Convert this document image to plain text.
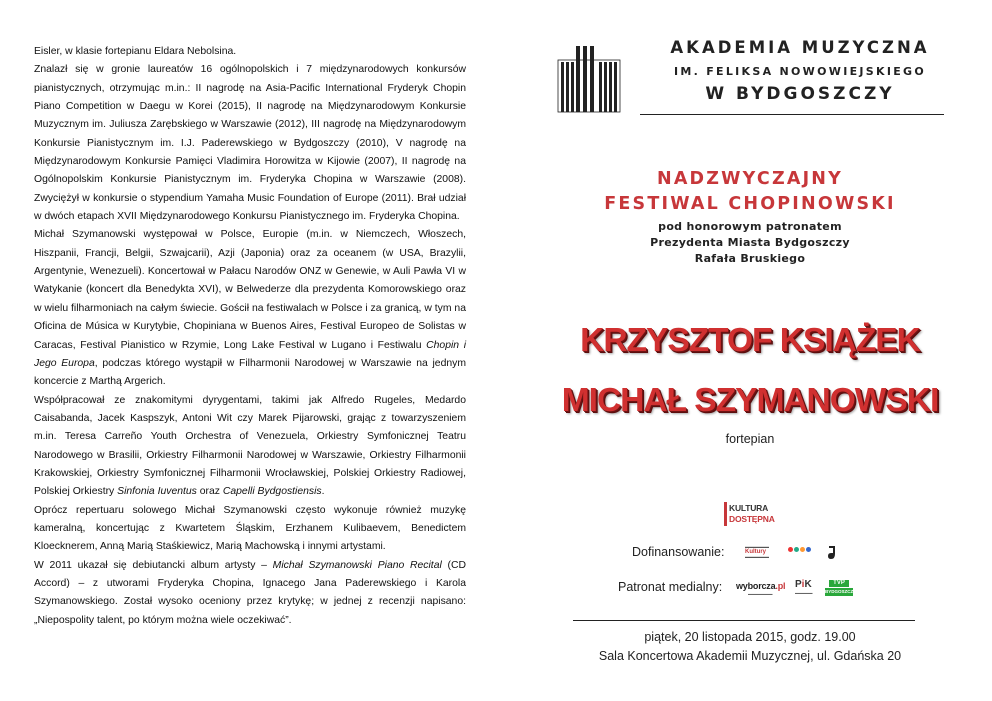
Eisler, w klasie fortepianu Eldara Nebolsina.

Znalazł się w gronie laureatów 16 ogólnopolskich i 7 międzynarodowych konkursów pianistycznych, otrzymując m.in.: II nagrodę na Asia-Pacific International Fryderyk Chopin Piano Competition w Daegu w Korei (2015), II nagrodę na Międzynarodowym Konkursie Muzycznym im. Juliusza Zarębskiego w Warszawie (2012), III nagrodę na Międzynarodowym Konkursie Pianistycznym im. I.J. Paderewskiego w Bydgoszczy (2010), V nagrodę na Międzynarodowym Konkursie Pamięci Vladimira Horowitza w Kijowie (2007), II nagrodę na Ogólnopolskim Konkursie Pianistycznym im. Fryderyka Chopina w Warszawie (2008). Zwyciężył w konkursie o stypendium Yamaha Music Foundation of Europe (2011). Brał udział w dwóch etapach XVII Międzynarodowego Konkursu Pianistycznego im. Fryderyka Chopina.

Michał Szymanowski występował w Polsce, Europie (m.in. w Niemczech, Włoszech, Hiszpanii, Francji, Belgii, Szwajcarii), Azji (Japonia) oraz za oceanem (w USA, Brazylii, Argentynie, Wenezueli). Koncertował w Pałacu Narodów ONZ w Genewie, w Auli Pawła VI w Watykanie (koncert dla Benedykta XVI), w Belwederze dla prezydenta Komorowskiego oraz w wielu filharmoniach na całym świecie. Gościł na festiwalach w Polsce i za granicą, w tym na Oficina de Música w Kurytybie, Chopiniana w Buenos Aires, Festival Europeo de Solistas w Caracas, Festival Pianistico w Rzymie, Long Lake Festival w Lugano i Festiwalu Chopin i Jego Europa, podczas którego wystąpił w Filharmonii Narodowej w Warszawie na jednym koncercie z Marthą Argerich.

Współpracował ze znakomitymi dyrygentami, takimi jak Alfredo Rugeles, Medardo Caisabanda, Jacek Kaspszyk, Antoni Wit czy Marek Pijarowski, grając z towarzyszeniem m.in. Teresa Carreño Youth Orchestra of Venezuela, Orkiestry Symfonicznej Teatru Narodowego w Brasilii, Orkiestry Filharmonii Narodowej w Warszawie, Orkiestry Filharmonii Krakowskiej, Orkiestry Symfonicznej Filharmonii Wrocławskiej, Polskiej Orkiestry Radiowej, Polskiej Orkiestry Sinfonia Iuventus oraz Capelli Bydgostiensis.

Oprócz repertuaru solowego Michał Szymanowski często wykonuje również muzykę kameralną, koncertując z Kwartetem Śląskim, Erzhanem Kulibaevem, Benedictem Kloecknerem, Anną Marią Staśkiewicz, Marią Machowską i innymi artystami.

W 2011 ukazał się debiutancki album artysty – Michał Szymanowski Piano Recital (CD Accord) – z utworami Fryderyka Chopina, Ignacego Jana Paderewskiego i Karola Szymanowskiego. Został wysoko oceniony przez krytykę; w jednej z recenzji napisano: „Niepospolity talent, po którym można wiele oczekiwać”.

AKADEMIA MUZYCZNA
IM. FELIKSA NOWOWIEJSKIEGO
W BYDGOSZCZY
NADZWYCZAJNY
FESTIWAL CHOPINOWSKI
pod honorowym patronatem
Prezydenta Miasta Bydgoszczy
Rafała Bruskiego
KRZYSZTOF KSIĄŻEK
MICHAŁ SZYMANOWSKI
fortepian
KULTURA
DOSTĘPNA
Dofinansowanie:	▬▬▬▬▬▬
Kultury
▬▬▬▬▬▬
Patronat medialny: wyborcza.pl
▬▬▬▬▬▬▬
PiK
▬▬▬▬▬
TVP
BYDGOSZCZ
piątek, 20 listopada 2015, godz. 19.00
Sala Koncertowa Akademii Muzycznej, ul. Gdańska 20
